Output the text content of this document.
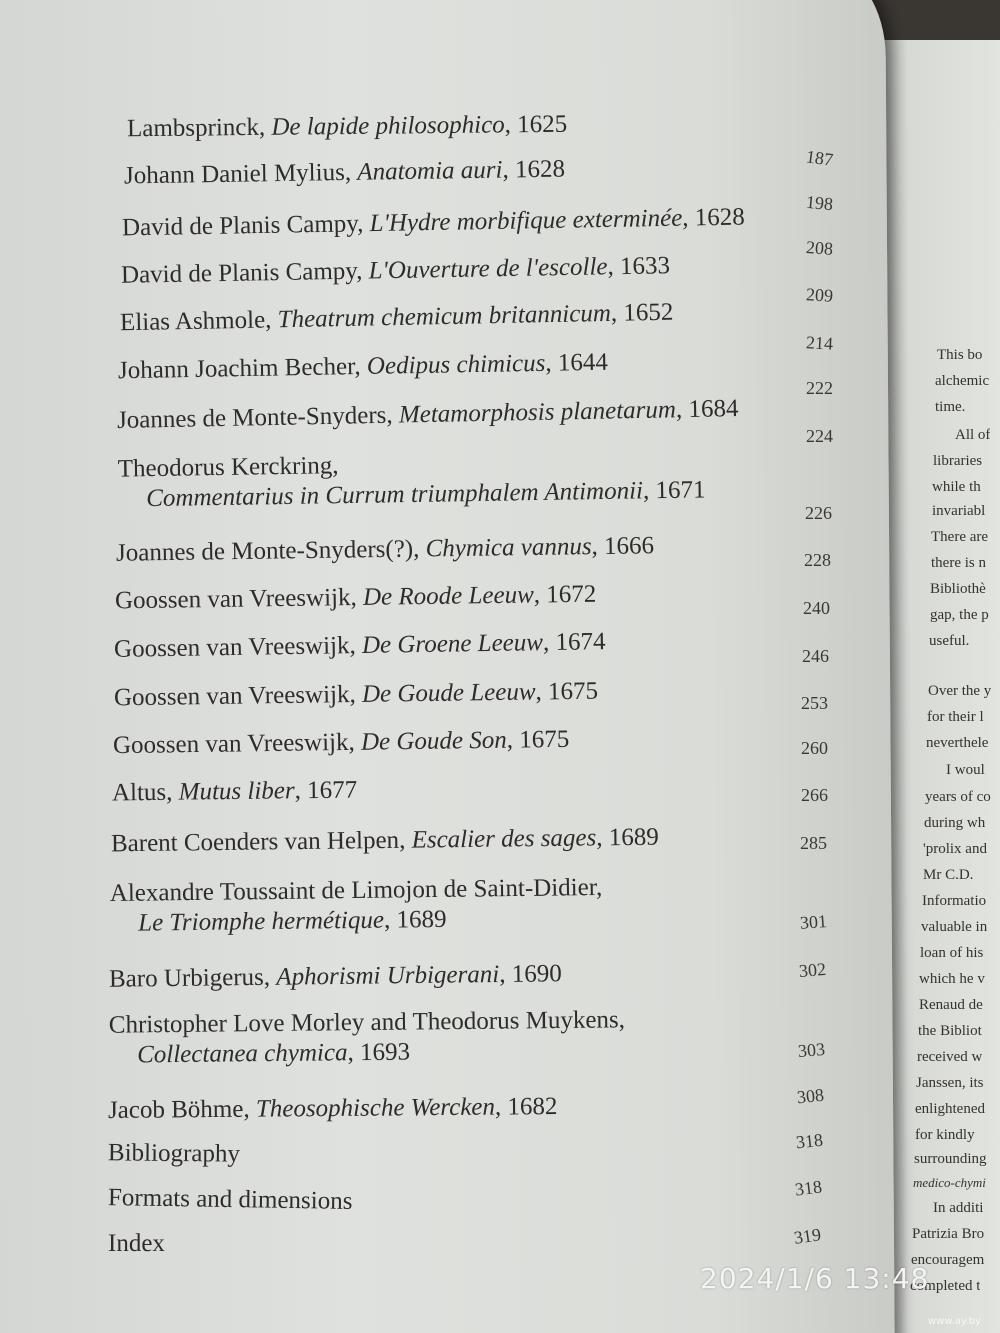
Lambsprinck, De lapide philosophico, 1625
Johann Daniel Mylius, Anatomia auri, 1628
David de Planis Campy, L'Hydre morbifique exterminée, 1628
David de Planis Campy, L'Ouverture de l'escolle, 1633
Elias Ashmole, Theatrum chemicum britannicum, 1652
Johann Joachim Becher, Oedipus chimicus, 1644
Joannes de Monte-Snyders, Metamorphosis planetarum, 1684
Theodorus Kerckring,
Commentarius in Currum triumphalem Antimonii, 1671
Joannes de Monte-Snyders(?), Chymica vannus, 1666
Goossen van Vreeswijk, De Roode Leeuw, 1672
Goossen van Vreeswijk, De Groene Leeuw, 1674
Goossen van Vreeswijk, De Goude Leeuw, 1675
Goossen van Vreeswijk, De Goude Son, 1675
Altus, Mutus liber, 1677
Barent Coenders van Helpen, Escalier des sages, 1689
Alexandre Toussaint de Limojon de Saint-Didier,
Le Triomphe hermétique, 1689
Baro Urbigerus, Aphorismi Urbigerani, 1690
Christopher Love Morley and Theodorus Muykens,
Collectanea chymica, 1693
Jacob Böhme, Theosophische Wercken, 1682
Bibliography
Formats and dimensions
Index
187
198
208
209
214
222
224
226
228
240
246
253
260
266
285
301
302
303
308
318
318
319
This bo
alchemic
time.
All of
libraries
while th
invariabl
There are
there is n
Bibliothè
gap, the p
useful.
Over the y
for their l
neverthele
I woul
years of co
during wh
'prolix and
Mr C.D.
Informatio
valuable in
loan of his
which he v
Renaud de
the Bibliot
received w
Janssen, its
enlightened
for kindly
surrounding
medico-chymi
In additi
Patrizia Bro
encouragem
completed t
2024/1/6 13:48
www.ay.by
